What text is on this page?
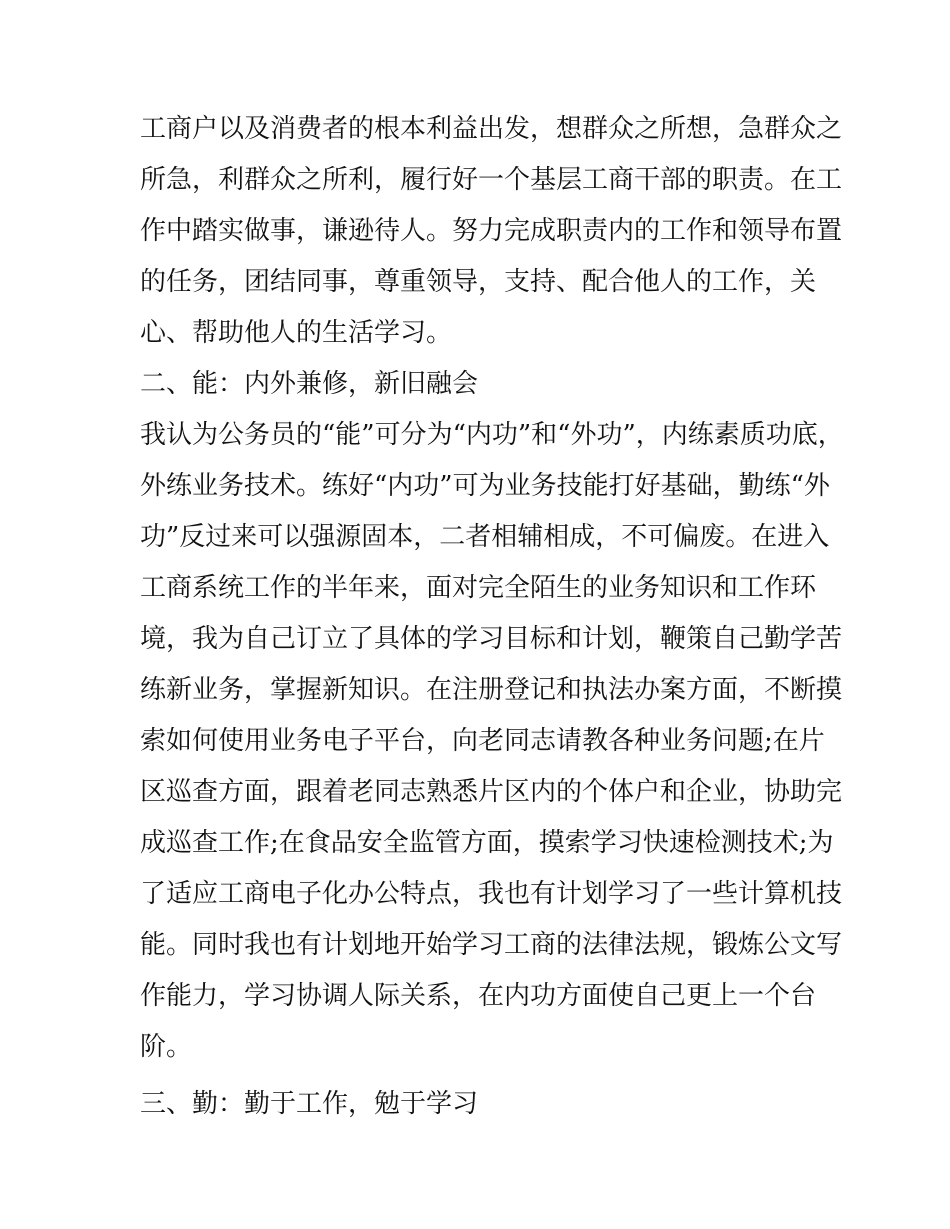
工商户以及消费者的根本利益出发，想群众之所想，急群众之
所急，利群众之所利，履行好一个基层工商干部的职责。在工
作中踏实做事，谦逊待人。努力完成职责内的工作和领导布置
的任务，团结同事，尊重领导，支持、配合他人的工作，关
心、帮助他人的生活学习。
二、能：内外兼修，新旧融会
我认为公务员的“能”可分为“内功”和“外功”，内练素质功底，
外练业务技术。练好“内功”可为业务技能打好基础，勤练“外
功”反过来可以强源固本，二者相辅相成，不可偏废。在进入
工商系统工作的半年来，面对完全陌生的业务知识和工作环
境，我为自己订立了具体的学习目标和计划，鞭策自己勤学苦
练新业务，掌握新知识。在注册登记和执法办案方面，不断摸
索如何使用业务电子平台，向老同志请教各种业务问题;在片
区巡查方面，跟着老同志熟悉片区内的个体户和企业，协助完
成巡查工作;在食品安全监管方面，摸索学习快速检测技术;为
了适应工商电子化办公特点，我也有计划学习了一些计算机技
能。同时我也有计划地开始学习工商的法律法规，锻炼公文写
作能力，学习协调人际关系，在内功方面使自己更上一个台
阶。
三、勤：勤于工作，勉于学习
